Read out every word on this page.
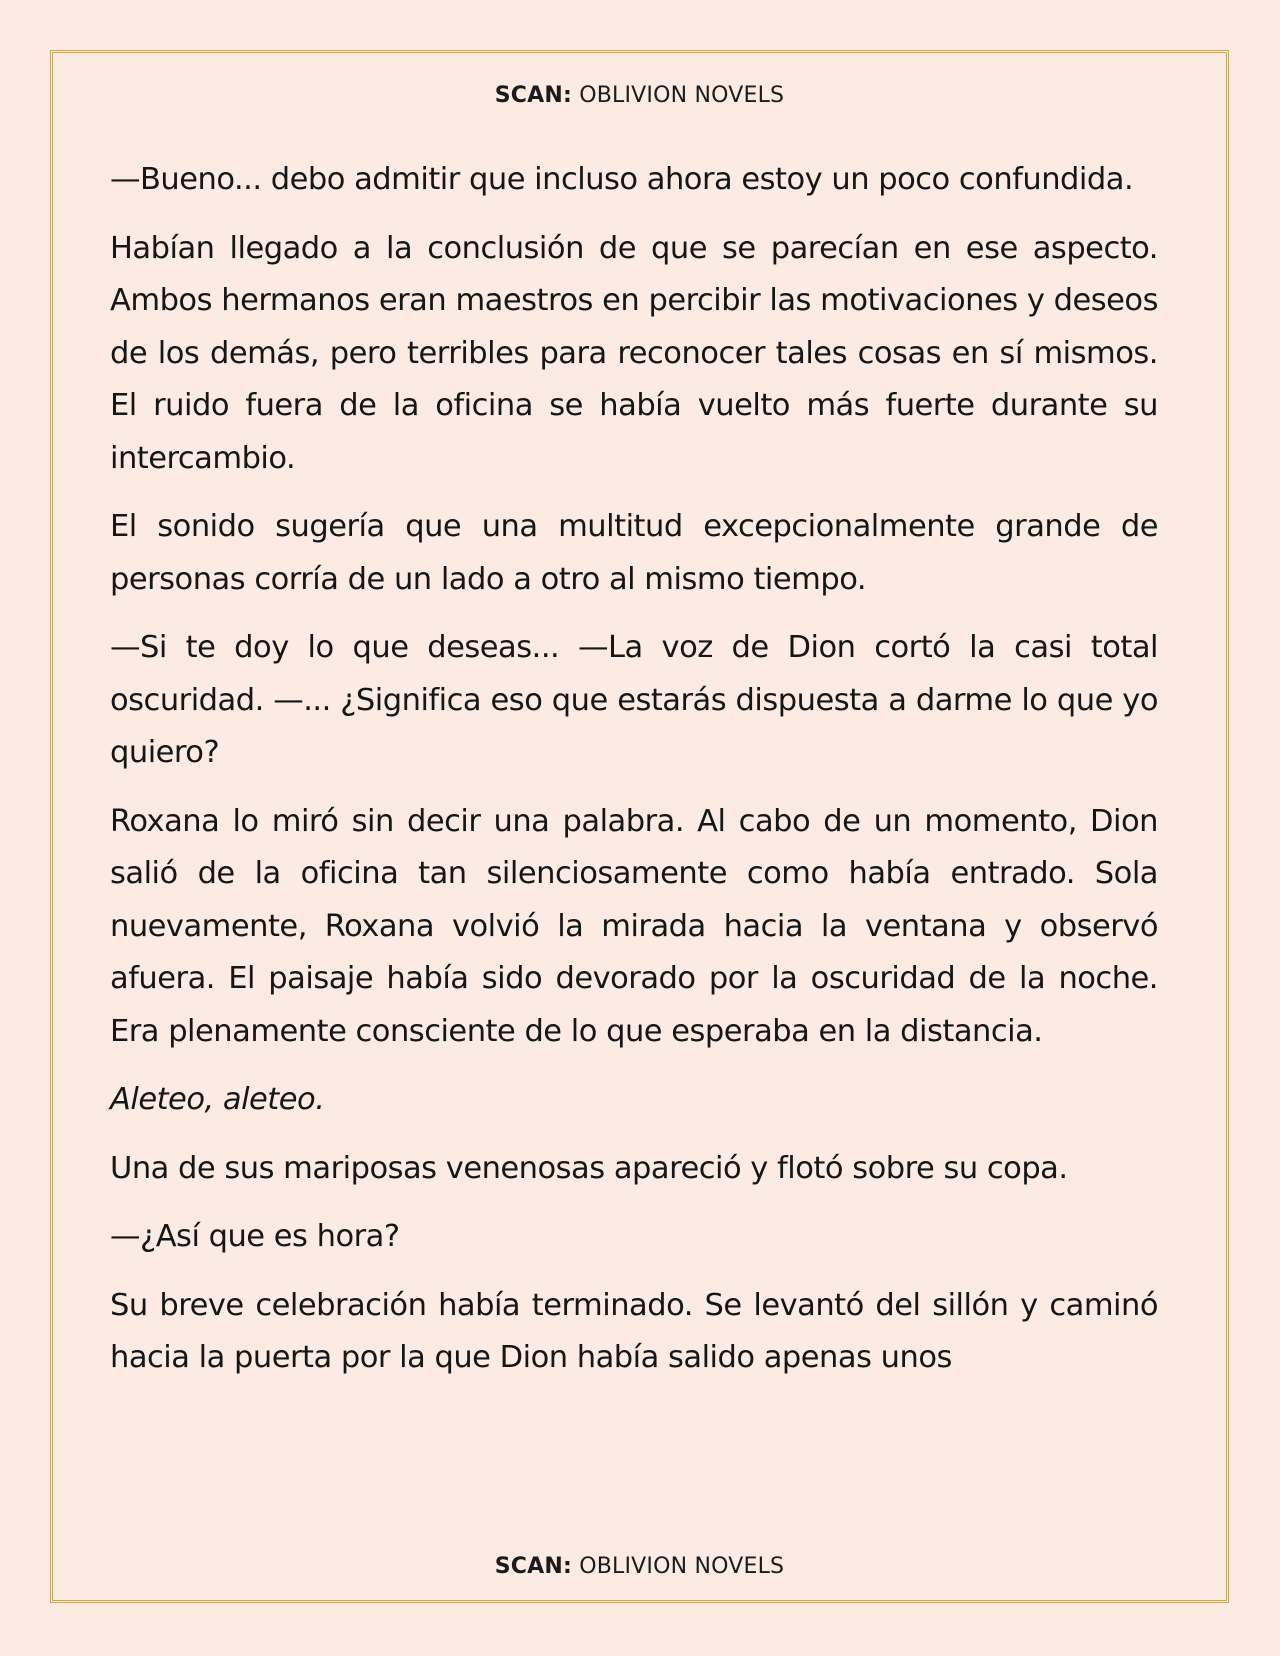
SCAN: OBLIVION NOVELS

—Bueno... debo admitir que incluso ahora estoy un poco confundida.

Habían llegado a la conclusión de que se parecían en ese aspecto. Ambos hermanos eran maestros en percibir las motivaciones y deseos de los demás, pero terribles para reconocer tales cosas en sí mismos. El ruido fuera de la oficina se había vuelto más fuerte durante su intercambio.

El sonido sugería que una multitud excepcionalmente grande de personas corría de un lado a otro al mismo tiempo.

—Si te doy lo que deseas... —La voz de Dion cortó la casi total oscuridad. —... ¿Significa eso que estarás dispuesta a darme lo que yo quiero?

Roxana lo miró sin decir una palabra. Al cabo de un momento, Dion salió de la oficina tan silenciosamente como había entrado. Sola nuevamente, Roxana volvió la mirada hacia la ventana y observó afuera. El paisaje había sido devorado por la oscuridad de la noche. Era plenamente consciente de lo que esperaba en la distancia.

Aleteo, aleteo.

Una de sus mariposas venenosas apareció y flotó sobre su copa.

—¿Así que es hora?

Su breve celebración había terminado. Se levantó del sillón y caminó hacia la puerta por la que Dion había salido apenas unos

SCAN: OBLIVION NOVELS
